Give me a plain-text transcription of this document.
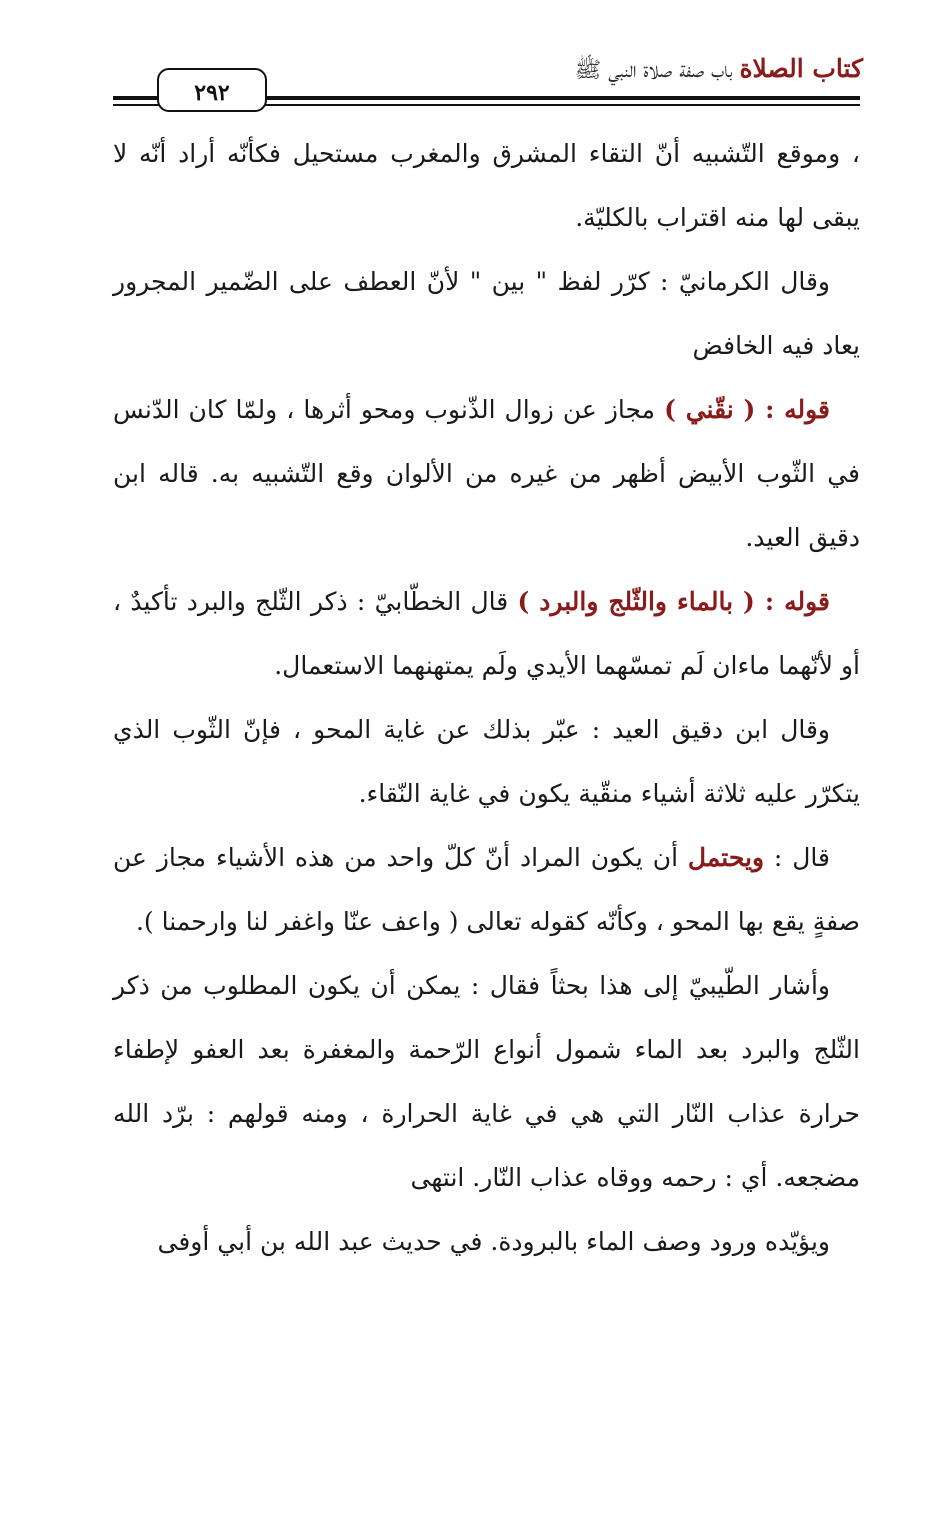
كتاب الصلاة باب صفة صلاة النبي ﷺ
٢٩٢

، وموقع التّشبيه أنّ التقاء المشرق والمغرب مستحيل فكأنّه أراد أنّه لا يبقى لها منه اقتراب بالكليّة.

وقال الكرمانيّ : كرّر لفظ " بين " لأنّ العطف على الضّمير المجرور يعاد فيه الخافض

قوله : ( نقّني ) مجاز عن زوال الذّنوب ومحو أثرها ، ولمّا كان الدّنس في الثّوب الأبيض أظهر من غيره من الألوان وقع التّشبيه به. قاله ابن دقيق العيد.

قوله : ( بالماء والثّلج والبرد ) قال الخطّابيّ : ذكر الثّلج والبرد تأكيدٌ ، أو لأنّهما ماءان لَم تمسّهما الأيدي ولَم يمتهنهما الاستعمال.

وقال ابن دقيق العيد : عبّر بذلك عن غاية المحو ، فإنّ الثّوب الذي يتكرّر عليه ثلاثة أشياء منقّية يكون في غاية النّقاء.

قال : ويحتمل أن يكون المراد أنّ كلّ واحد من هذه الأشياء مجاز عن صفةٍ يقع بها المحو ، وكأنّه كقوله تعالى ( واعف عنّا واغفر لنا وارحمنا ).

وأشار الطّيبيّ إلى هذا بحثاً فقال : يمكن أن يكون المطلوب من ذكر الثّلج والبرد بعد الماء شمول أنواع الرّحمة والمغفرة بعد العفو لإطفاء حرارة عذاب النّار التي هي في غاية الحرارة ، ومنه قولهم : برّد الله مضجعه. أي : رحمه ووقاه عذاب النّار. انتهى

ويؤيّده ورود وصف الماء بالبرودة. في حديث عبد الله بن أبي أوفى
